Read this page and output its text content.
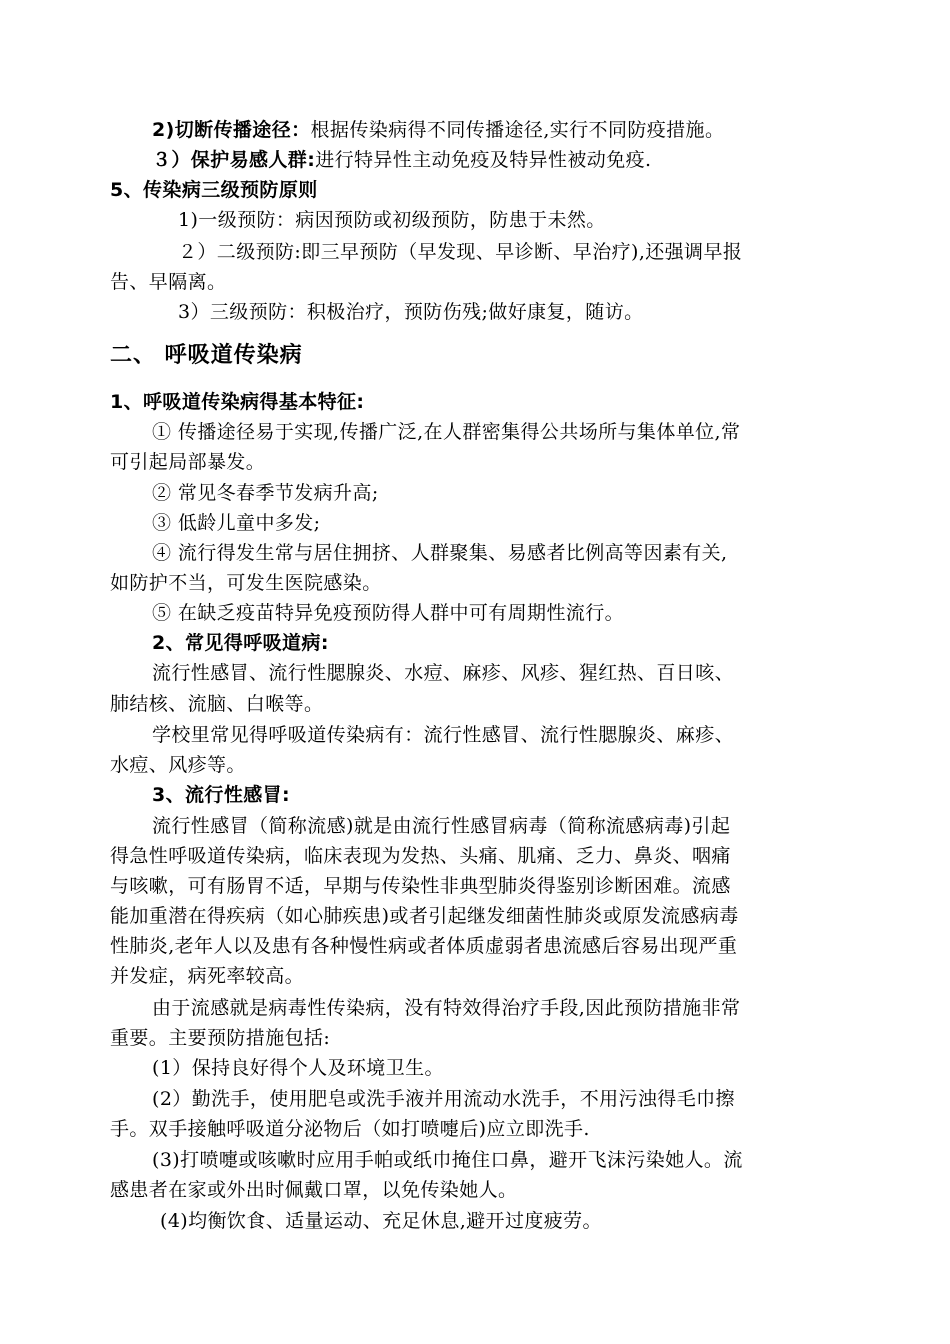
2)切断传播途径：根据传染病得不同传播途径,实行不同防疫措施。
３）保护易感人群:进行特异性主动免疫及特异性被动免疫.
5、传染病三级预防原则
1)一级预防：病因预防或初级预防，防患于未然。
２）二级预防:即三早预防（早发现、早诊断、早治疗),还强调早报
告、早隔离。
3）三级预防：积极治疗，预防伤残;做好康复，随访。
二、 呼吸道传染病
1、呼吸道传染病得基本特征:
① 传播途径易于实现,传播广泛,在人群密集得公共场所与集体单位,常
可引起局部暴发。
② 常见冬春季节发病升高;
③ 低龄儿童中多发;
④ 流行得发生常与居住拥挤、人群聚集、易感者比例高等因素有关,
如防护不当，可发生医院感染。
⑤ 在缺乏疫苗特异免疫预防得人群中可有周期性流行。
2、常见得呼吸道病:
流行性感冒、流行性腮腺炎、水痘、麻疹、风疹、猩红热、百日咳、
肺结核、流脑、白喉等。
学校里常见得呼吸道传染病有：流行性感冒、流行性腮腺炎、麻疹、
水痘、风疹等。
3、流行性感冒:
流行性感冒（简称流感)就是由流行性感冒病毒（简称流感病毒)引起
得急性呼吸道传染病，临床表现为发热、头痛、肌痛、乏力、鼻炎、咽痛
与咳嗽，可有肠胃不适，早期与传染性非典型肺炎得鉴别诊断困难。流感
能加重潜在得疾病（如心肺疾患)或者引起继发细菌性肺炎或原发流感病毒
性肺炎,老年人以及患有各种慢性病或者体质虚弱者患流感后容易出现严重
并发症，病死率较高。
由于流感就是病毒性传染病，没有特效得治疗手段,因此预防措施非常
重要。主要预防措施包括:
(1）保持良好得个人及环境卫生。
(2）勤洗手，使用肥皂或洗手液并用流动水洗手，不用污浊得毛巾擦
手。双手接触呼吸道分泌物后（如打喷嚏后)应立即洗手.
(3)打喷嚏或咳嗽时应用手帕或纸巾掩住口鼻，避开飞沫污染她人。流
感患者在家或外出时佩戴口罩，以免传染她人。
(4)均衡饮食、适量运动、充足休息,避开过度疲劳。
